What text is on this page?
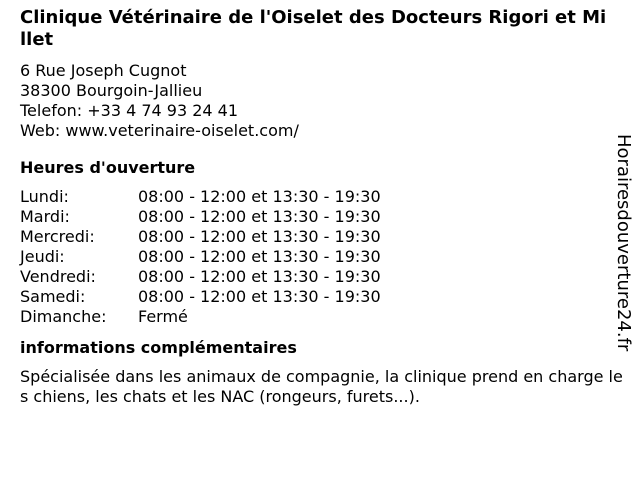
Clinique Vétérinaire de l'Oiselet des Docteurs Rigori et Millet
6 Rue Joseph Cugnot
38300 Bourgoin-Jallieu
Telefon: +33 4 74 93 24 41
Web: www.veterinaire-oiselet.com/
Heures d'ouverture
Lundi:	08:00 - 12:00 et 13:30 - 19:30
Mardi:	08:00 - 12:00 et 13:30 - 19:30
Mercredi:	08:00 - 12:00 et 13:30 - 19:30
Jeudi:	08:00 - 12:00 et 13:30 - 19:30
Vendredi:	08:00 - 12:00 et 13:30 - 19:30
Samedi:	08:00 - 12:00 et 13:30 - 19:30
Dimanche:	Fermé
informations complémentaires
Spécialisée dans les animaux de compagnie, la clinique prend en charge les chiens, les chats et les NAC (rongeurs, furets...).
Horairesdouverture24.fr
